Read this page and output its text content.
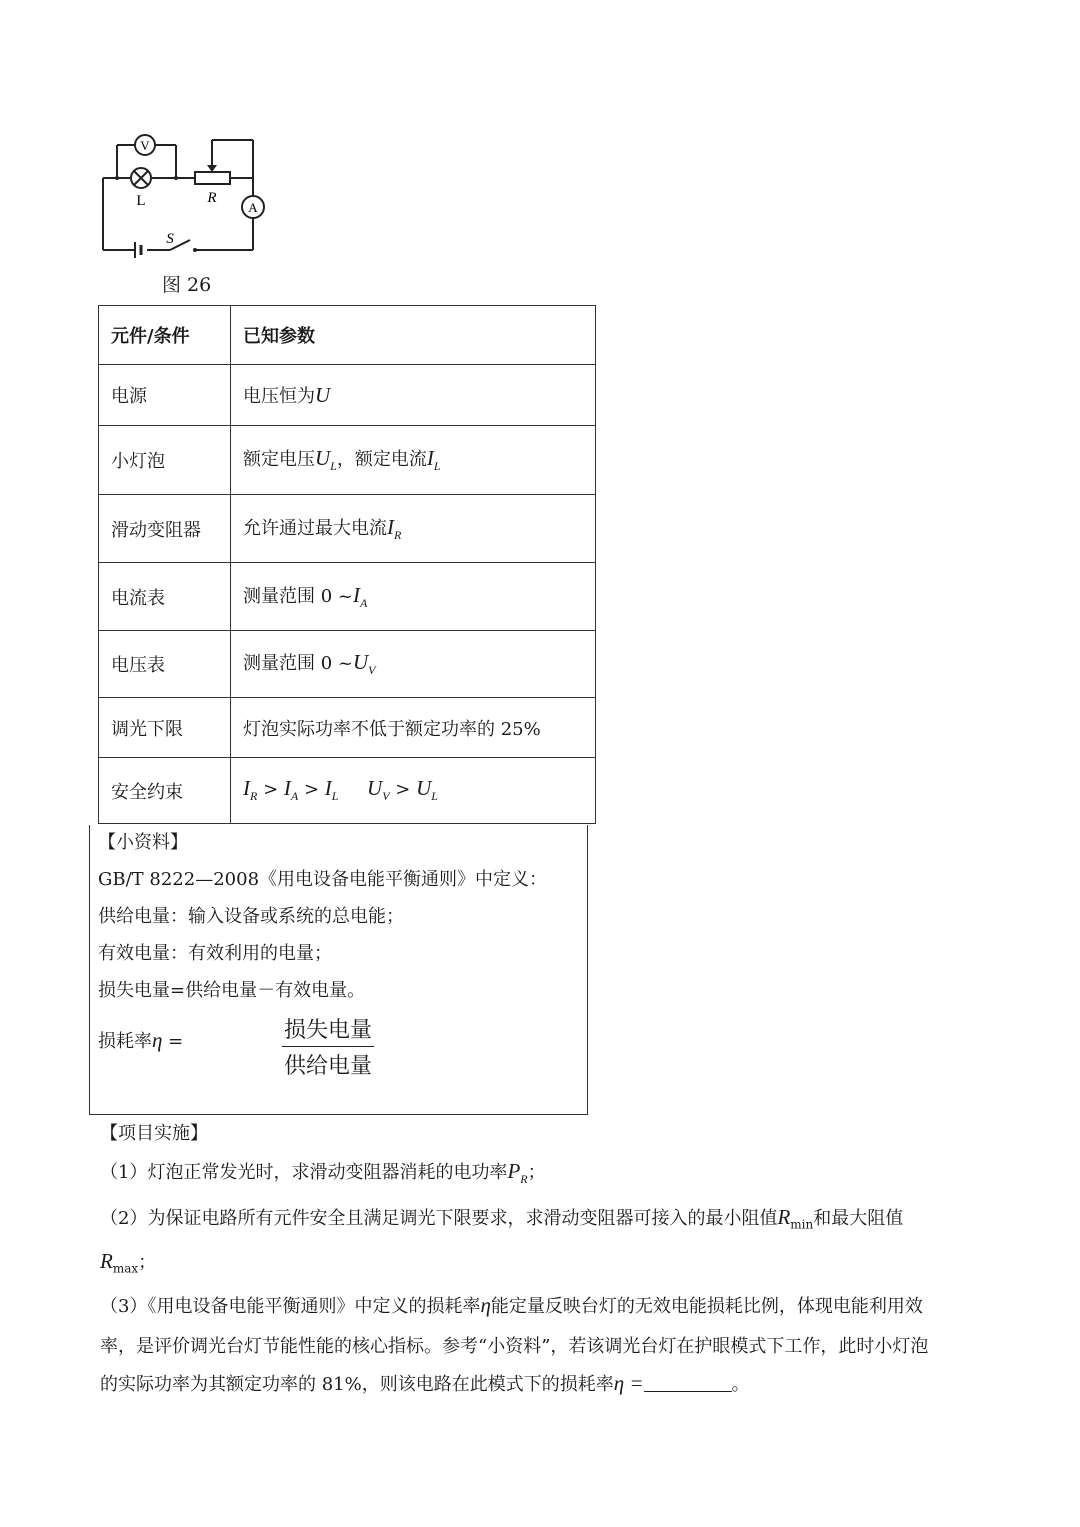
V
A
L	R
S
图 26
元件/条件	已知参数
电源	电压恒为U
小灯泡	额定电压$U_L$，额定电流$I_L$
滑动变阻器	允许通过最大电流$I_R$
电流表	测量范围 0 $\sim I_A$
电压表	测量范围 0 $\sim U_V$
调光下限	灯泡实际功率不低于额定功率的 25%
安全约束	$I_R > I_A > I_L$ $U_V > U_L$
【小资料】
GB/T 8222—2008《用电设备电能平衡通则》中定义：
供给电量：输入设备或系统的总电能；
有效电量：有效利用的电量；
损失电量=供给电量－有效电量。
损耗率η =	损失电量
供给电量
【项目实施】
（1）灯泡正常发光时，求滑动变阻器消耗的电功率$P_R$；
（2）为保证电路所有元件安全且满足调光下限要求，求滑动变阻器可接入的最小阻值$R_{min}$和最大阻值
$R_{max}$；
（3）《用电设备电能平衡通则》中定义的损耗率η能定量反映台灯的无效电能损耗比例，体现电能利用效
率，是评价调光台灯节能性能的核心指标。参考“小资料”，若该调光台灯在护眼模式下工作，此时小灯泡
的实际功率为其额定功率的 81%，则该电路在此模式下的损耗率η =	。
